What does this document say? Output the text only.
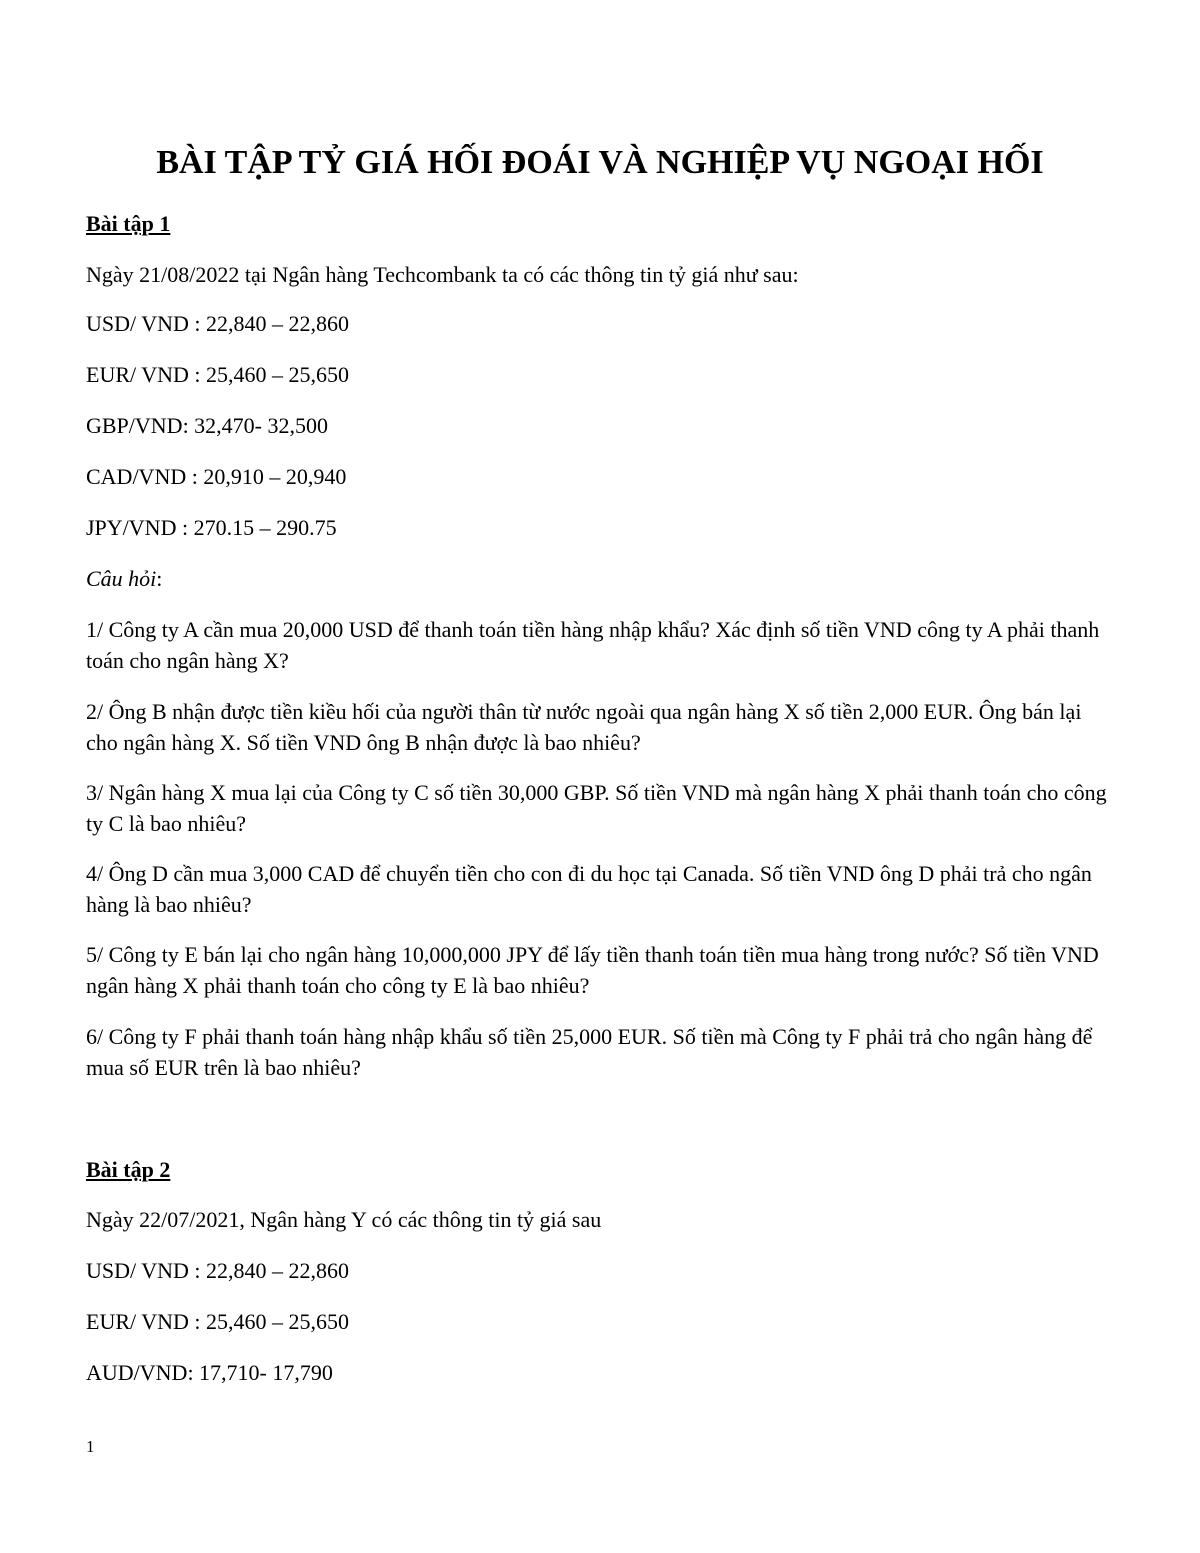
BÀI TẬP TỶ GIÁ HỐI ĐOÁI VÀ NGHIỆP VỤ NGOẠI HỐI
Bài tập 1
Ngày 21/08/2022 tại Ngân hàng Techcombank ta có các thông tin tỷ giá như sau:
USD/ VND : 22,840 – 22,860
EUR/ VND : 25,460 – 25,650
GBP/VND: 32,470- 32,500
CAD/VND : 20,910 – 20,940
JPY/VND : 270.15 – 290.75
Câu hỏi:
1/ Công ty A cần mua 20,000 USD để thanh toán tiền hàng nhập khẩu? Xác định số tiền VND công ty A phải thanh toán cho ngân hàng X?
2/ Ông B nhận được tiền kiều hối của người thân từ nước ngoài qua ngân hàng X số tiền 2,000 EUR. Ông bán lại cho ngân hàng X. Số tiền VND ông B nhận được là bao nhiêu?
3/ Ngân hàng X mua lại của Công ty C số tiền 30,000 GBP. Số tiền VND mà ngân hàng X phải thanh toán cho công ty C là bao nhiêu?
4/ Ông D cần mua 3,000 CAD để chuyển tiền cho con đi du học tại Canada. Số tiền VND ông D phải trả cho ngân hàng là bao nhiêu?
5/ Công ty E bán lại cho ngân hàng 10,000,000 JPY để lấy tiền thanh toán tiền mua hàng trong nước? Số tiền VND ngân hàng X phải thanh toán cho công ty E là bao nhiêu?
6/ Công ty F phải thanh toán hàng nhập khẩu số tiền 25,000 EUR. Số tiền mà Công ty F phải trả cho ngân hàng để mua số EUR trên là bao nhiêu?
Bài tập 2
Ngày 22/07/2021, Ngân hàng Y có các thông tin tỷ giá sau
USD/ VND : 22,840 – 22,860
EUR/ VND : 25,460 – 25,650
AUD/VND: 17,710- 17,790
1
